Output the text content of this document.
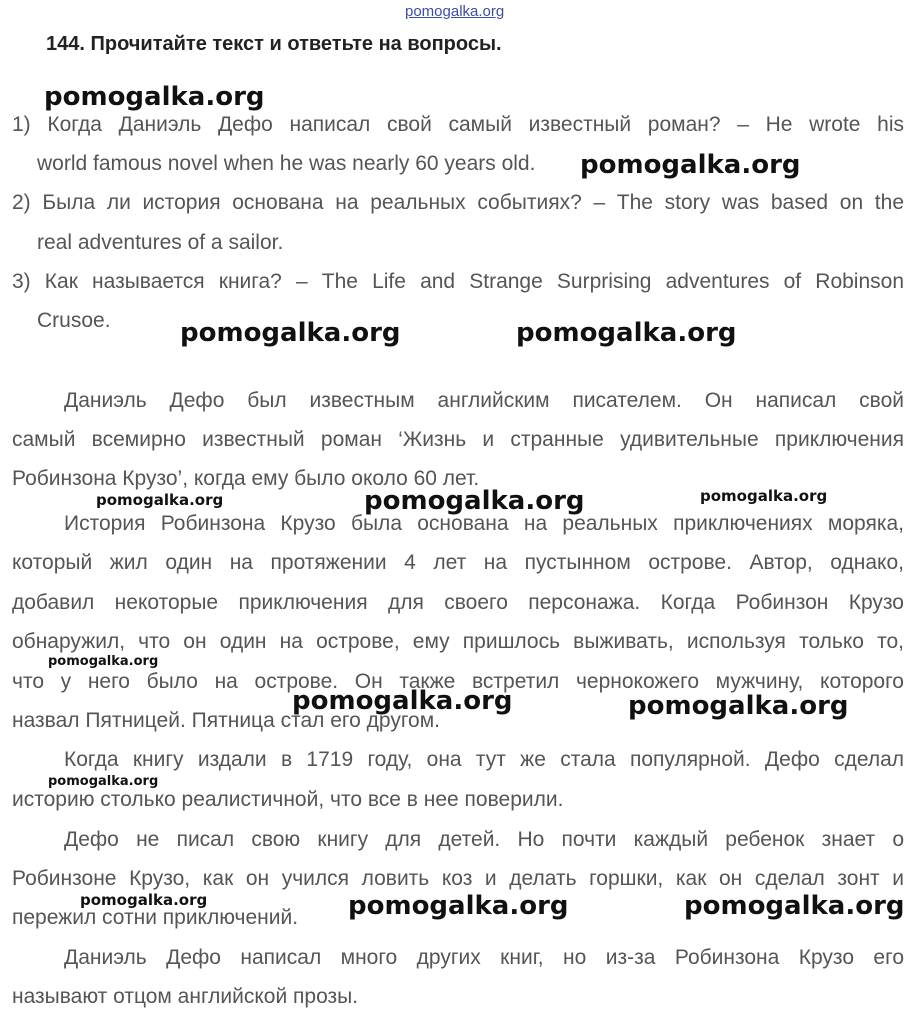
pomogalka.org
144. Прочитайте текст и ответьте на вопросы.
1) Когда Даниэль Дефо написал свой самый известный роман? – He wrote his
world famous novel when he was nearly 60 years old.
2) Была ли история основана на реальных событиях? – The story was based on the
real adventures of a sailor.
3) Как называется книга? – The Life and Strange Surprising adventures of Robinson
Crusoe.
Даниэль Дефо был известным английским писателем. Он написал свой
самый всемирно известный роман ‘Жизнь и странные удивительные приключения
Робинзона Крузо’, когда ему было около 60 лет.
История Робинзона Крузо была основана на реальных приключениях моряка,
который жил один на протяжении 4 лет на пустынном острове. Автор, однако,
добавил некоторые приключения для своего персонажа. Когда Робинзон Крузо
обнаружил, что он один на острове, ему пришлось выживать, используя только то,
что у него было на острове. Он также встретил чернокожего мужчину, которого
назвал Пятницей. Пятница стал его другом.
Когда книгу издали в 1719 году, она тут же стала популярной. Дефо сделал
историю столько реалистичной, что все в нее поверили.
Дефо не писал свою книгу для детей. Но почти каждый ребенок знает о
Робинзоне Крузо, как он учился ловить коз и делать горшки, как он сделал зонт и
пережил сотни приключений.
Даниэль Дефо написал много других книг, но из-за Робинзона Крузо его
называют отцом английской прозы.
pomogalka.org
pomogalka.org
pomogalka.org	pomogalka.org
pomogalka.org	pomogalka.org	pomogalka.org
pomogalka.org
pomogalka.org	pomogalka.org
pomogalka.org
pomogalka.org	pomogalka.org	pomogalka.org
